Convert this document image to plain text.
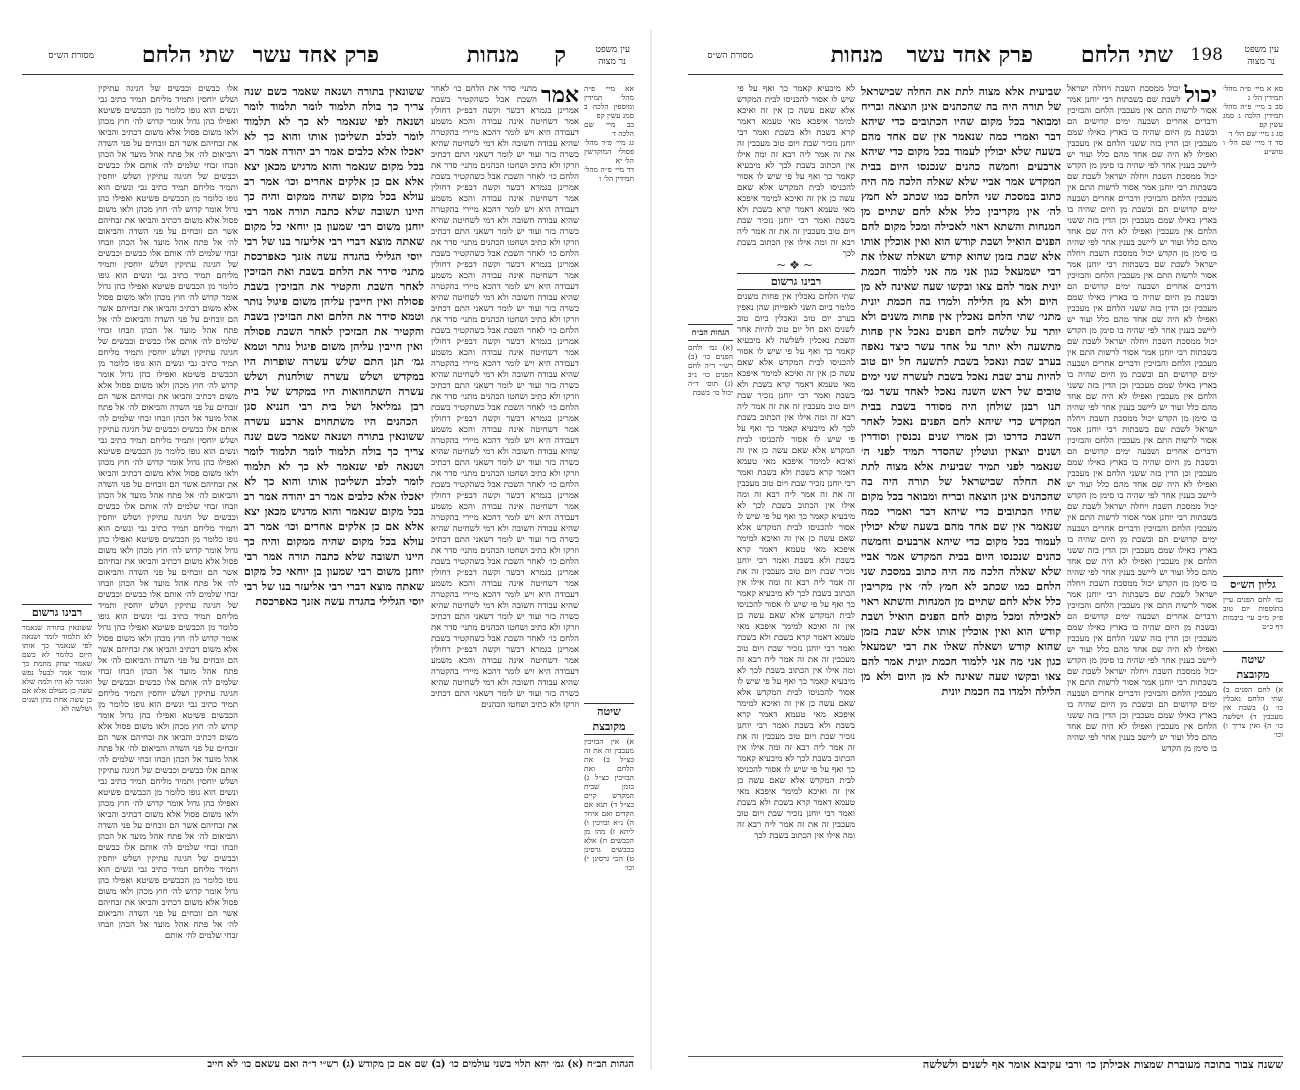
עין משפט
נר מצוה
ק
מנחות
פרק אחד עשר
שתי הלחם
מסורת הש״ס
אא מיי׳ פ״ה מהל׳ תמידין ומוספין הלכה ב סמג עשין קפ
בב מיי׳ שם הלכה ד
גג מיי׳ פ״ד מהל׳ פסולי המוקדשין הל׳ יא
דד מיי׳ פ״ה מהל׳ תמידין הל׳ ו
שיטה מקובצת
א) אין הבזיכין מעכבין זה את זה כצ״ל ב) את הלחם ואת הבזיכין כצ״ל ג) בזמן שבית המקדש קיים כצ״ל ד) תנא אם הקדים ואם איחר ה) נ״א ובזיכין ו) ליתא ז) מהו מן הכבשים ח) אלא בכבשים גרסינן ט) הכי גרסינן י) וכו׳
אמר
מתני׳ סדר את הלחם כו׳ לאחר השבת אבל כשהקטיר בשבת אמרינן בגמרא דכשר וקשה דבפ״ק דחולין אמר דשחיטה אינה עבודה והכא משמע דעבודה היא ויש לומר דהכא מיירי בהקטרה שהיא עבודה חשובה ולא דמי לשחיטה שהיא כשרה בזר ועוד יש לומר דשאני התם דכתיב וזרקו ולא כתיב ושחטו הכהנים מתני׳ סדר את הלחם כו׳ לאחר השבת אבל כשהקטיר בשבת אמרינן בגמרא דכשר וקשה דבפ״ק דחולין אמר דשחיטה אינה עבודה והכא משמע דעבודה היא ויש לומר דהכא מיירי בהקטרה שהיא עבודה חשובה ולא דמי לשחיטה שהיא כשרה בזר ועוד יש לומר דשאני התם דכתיב וזרקו ולא כתיב ושחטו הכהנים מתני׳ סדר את הלחם כו׳ לאחר השבת אבל כשהקטיר בשבת אמרינן בגמרא דכשר וקשה דבפ״ק דחולין אמר דשחיטה אינה עבודה והכא משמע דעבודה היא ויש לומר דהכא מיירי בהקטרה שהיא עבודה חשובה ולא דמי לשחיטה שהיא כשרה בזר ועוד יש לומר דשאני התם דכתיב וזרקו ולא כתיב ושחטו הכהנים מתני׳ סדר את הלחם כו׳ לאחר השבת אבל כשהקטיר בשבת אמרינן בגמרא דכשר וקשה דבפ״ק דחולין אמר דשחיטה אינה עבודה והכא משמע דעבודה היא ויש לומר דהכא מיירי בהקטרה שהיא עבודה חשובה ולא דמי לשחיטה שהיא כשרה בזר ועוד יש לומר דשאני התם דכתיב וזרקו ולא כתיב ושחטו הכהנים מתני׳ סדר את הלחם כו׳ לאחר השבת אבל כשהקטיר בשבת אמרינן בגמרא דכשר וקשה דבפ״ק דחולין אמר דשחיטה אינה עבודה והכא משמע דעבודה היא ויש לומר דהכא מיירי בהקטרה שהיא עבודה חשובה ולא דמי לשחיטה שהיא כשרה בזר ועוד יש לומר דשאני התם דכתיב וזרקו ולא כתיב ושחטו הכהנים מתני׳ סדר את הלחם כו׳ לאחר השבת אבל כשהקטיר בשבת אמרינן בגמרא דכשר וקשה דבפ״ק דחולין אמר דשחיטה אינה עבודה והכא משמע דעבודה היא ויש לומר דהכא מיירי בהקטרה שהיא עבודה חשובה ולא דמי לשחיטה שהיא כשרה בזר ועוד יש לומר דשאני התם דכתיב וזרקו ולא כתיב ושחטו הכהנים מתני׳ סדר את הלחם כו׳ לאחר השבת אבל כשהקטיר בשבת אמרינן בגמרא דכשר וקשה דבפ״ק דחולין אמר דשחיטה אינה עבודה והכא משמע דעבודה היא ויש לומר דהכא מיירי בהקטרה שהיא עבודה חשובה ולא דמי לשחיטה שהיא כשרה בזר ועוד יש לומר דשאני התם דכתיב וזרקו ולא כתיב ושחטו הכהנים מתני׳ סדר את הלחם כו׳ לאחר השבת אבל כשהקטיר בשבת אמרינן בגמרא דכשר וקשה דבפ״ק דחולין אמר דשחיטה אינה עבודה והכא משמע דעבודה היא ויש לומר דהכא מיירי בהקטרה שהיא עבודה חשובה ולא דמי לשחיטה שהיא כשרה בזר ועוד יש לומר דשאני התם דכתיב וזרקו ולא כתיב ושחטו הכהנים
ששונאין בתורה ושנאה שאמר כשם שנה צריך כך בולה תלמוד לומר תלמוד לומר ושנאה לפי שנאמר לא כך לא תלמוד לומר לכלב תשליכון אותו והוא כך לא יאכלו אלא כלבים אמר רב יהודה אמר רב בכל מקום שנאמר והוא מדגיש מכאן יצא אלא אם כן אלקים אחרים וכו׳ אמר רב עולא בכל מקום שהיה ממקום והיה כך היינו תשובה שלא כתבה תורה אמר רבי יוחנן משום רבי שמעון בן יוחאי כל מקום שאתה מוצא דברי רבי אליעזר בנו של רבי יוסי הגלילי בהגדה עשה אזנך כאפרכסת מתני׳ סידר את הלחם בשבת ואת הבזיכין לאחר השבת והקטיר את הבזיכין בשבת פסולה ואין חייבין עליהן משום פיגול נותר וטמא סידר את הלחם ואת הבזיכין בשבת והקטיר את הבזיכין לאחר השבת פסולה ואין חייבין עליהן משום פיגול נותר וטמא גמ׳ תנן התם שלש עשרה שופרות היו במקדש ושלש עשרה שולחנות ושלש עשרה השתחוואות היו במקדש של בית רבן גמליאל ושל בית רבי חנניא סגן הכהנים היו משתחוים ארבע עשרה ששונאין בתורה ושנאה שאמר כשם שנה צריך כך בולה תלמוד לומר תלמוד לומר ושנאה לפי שנאמר לא כך לא תלמוד לומר לכלב תשליכון אותו והוא כך לא יאכלו אלא כלבים אמר רב יהודה אמר רב בכל מקום שנאמר והוא מדגיש מכאן יצא אלא אם כן אלקים אחרים וכו׳ אמר רב עולא בכל מקום שהיה ממקום והיה כך היינו תשובה שלא כתבה תורה אמר רבי יוחנן משום רבי שמעון בן יוחאי כל מקום שאתה מוצא דברי רבי אליעזר בנו של רבי יוסי הגלילי בהגדה עשה אזנך כאפרכסת
אלו כבשים וכבשים של חגיגה עתיקין ושלש יוחסין ותמיד מליחם תמיד כתיב גבי ונשים הוא גופו כלומר מן הכבשים פשיטא ואפילו כהן גדול אומר קדוש לה׳ חוץ מכהן ולאו משום פסול אלא משום דכתיב והביאו את זבחיהם אשר הם זובחים על פני השדה והביאום לה׳ אל פתח אהל מועד אל הכהן וזבחו זבחי שלמים לה׳ אותם אלו כבשים וכבשים של חגיגה עתיקין ושלש יוחסין ותמיד מליחם תמיד כתיב גבי ונשים הוא גופו כלומר מן הכבשים פשיטא ואפילו כהן גדול אומר קדוש לה׳ חוץ מכהן ולאו משום פסול אלא משום דכתיב והביאו את זבחיהם אשר הם זובחים על פני השדה והביאום לה׳ אל פתח אהל מועד אל הכהן וזבחו זבחי שלמים לה׳ אותם אלו כבשים וכבשים של חגיגה עתיקין ושלש יוחסין ותמיד מליחם תמיד כתיב גבי ונשים הוא גופו כלומר מן הכבשים פשיטא ואפילו כהן גדול אומר קדוש לה׳ חוץ מכהן ולאו משום פסול אלא משום דכתיב והביאו את זבחיהם אשר הם זובחים על פני השדה והביאום לה׳ אל פתח אהל מועד אל הכהן וזבחו זבחי שלמים לה׳ אותם אלו כבשים וכבשים של חגיגה עתיקין ושלש יוחסין ותמיד מליחם תמיד כתיב גבי ונשים הוא גופו כלומר מן הכבשים פשיטא ואפילו כהן גדול אומר קדוש לה׳ חוץ מכהן ולאו משום פסול אלא משום דכתיב והביאו את זבחיהם אשר הם זובחים על פני השדה והביאום לה׳ אל פתח אהל מועד אל הכהן וזבחו זבחי שלמים לה׳ אותם אלו כבשים וכבשים של חגיגה עתיקין ושלש יוחסין ותמיד מליחם תמיד כתיב גבי ונשים הוא גופו כלומר מן הכבשים פשיטא ואפילו כהן גדול אומר קדוש לה׳ חוץ מכהן ולאו משום פסול אלא משום דכתיב והביאו את זבחיהם אשר הם זובחים על פני השדה והביאום לה׳ אל פתח אהל מועד אל הכהן וזבחו זבחי שלמים לה׳ אותם אלו כבשים וכבשים של חגיגה עתיקין ושלש יוחסין ותמיד מליחם תמיד כתיב גבי ונשים הוא גופו כלומר מן הכבשים פשיטא ואפילו כהן גדול אומר קדוש לה׳ חוץ מכהן ולאו משום פסול אלא משום דכתיב והביאו את זבחיהם אשר הם זובחים על פני השדה והביאום לה׳ אל פתח אהל מועד אל הכהן וזבחו זבחי שלמים לה׳ אותם אלו כבשים וכבשים של חגיגה עתיקין ושלש יוחסין ותמיד מליחם תמיד כתיב גבי ונשים הוא גופו כלומר מן הכבשים פשיטא ואפילו כהן גדול אומר קדוש לה׳ חוץ מכהן ולאו משום פסול אלא משום דכתיב והביאו את זבחיהם אשר הם זובחים על פני השדה והביאום לה׳ אל פתח אהל מועד אל הכהן וזבחו זבחי שלמים לה׳ אותם אלו כבשים וכבשים של חגיגה עתיקין ושלש יוחסין ותמיד מליחם תמיד כתיב גבי ונשים הוא גופו כלומר מן הכבשים פשיטא ואפילו כהן גדול אומר קדוש לה׳ חוץ מכהן ולאו משום פסול אלא משום דכתיב והביאו את זבחיהם אשר הם זובחים על פני השדה והביאום לה׳ אל פתח אהל מועד אל הכהן וזבחו זבחי שלמים לה׳ אותם אלו כבשים וכבשים של חגיגה עתיקין ושלש יוחסין ותמיד מליחם תמיד כתיב גבי ונשים הוא גופו כלומר מן הכבשים פשיטא ואפילו כהן גדול אומר קדוש לה׳ חוץ מכהן ולאו משום פסול אלא משום דכתיב והביאו את זבחיהם אשר הם זובחים על פני השדה והביאום לה׳ אל פתח אהל מועד אל הכהן וזבחו זבחי שלמים לה׳ אותם אלו כבשים וכבשים של חגיגה עתיקין ושלש יוחסין ותמיד מליחם תמיד כתיב גבי ונשים הוא גופו כלומר מן הכבשים פשיטא ואפילו כהן גדול אומר קדוש לה׳ חוץ מכהן ולאו משום פסול אלא משום דכתיב והביאו את זבחיהם אשר הם זובחים על פני השדה והביאום לה׳ אל פתח אהל מועד אל הכהן וזבחו זבחי שלמים לה׳ אותם
רבינו גרשום
ששונאין בתורה שנאמר לא תלמוד לומר ושנאה לפי שנאמר כך אותו היום כלומר לא כשם שאמר יצחק מחמת כך אומר אמר לבעל נפש ואומר לא היו ולמה שלא עשה כן מעולם אלא אם כן עשה אחת מהן ושנים ושלשה לא
הגהות הב״ח (א) גמ׳ יהא תלוי בשני עולמים כו׳ (ב) שם אם כן מקודש (ג) רש״י ד״ה ואם עשאם כו׳ לא חייב
עין משפט
נר מצוה
198
שתי הלחם
פרק אחד עשר
מנחות
מסורת הש״ס
סא א מיי׳ פ״ה מהל׳ תמידין הל׳ ג
סב ב מיי׳ פ״ה מהל׳ תמידין הלכה ג סמג עשין קפ
סג ג מיי׳ שם הל׳ ד
סד ד מיי׳ שם הל׳ ו טוש״ע
גליון הש״ס
גמ׳ לחם הפנים עיין בתוספות יום טוב פ״ק מ״ב עי׳ ביבמות דף כ״ט
שיטה מקובצת
א) לחם הפנים ב) שתי הלחם נאכלין כו׳ ג) בשבת אין מעכבין ד) ושלשה כו׳ ה) ואין צריך ו) וכו׳
יכול
יכול ממסכת השבת ויחלה ישראל לשבת שם בשבתות רבי יוחנן אמר אסור לרשות התם אין מעכבין הלחם והבזיכין ודברים אחרים ושבעה ימים קדושים הם ובשבת מן היום שהיה בו בארץ כאילו שמם מעכבין וכן הדין בזה ששני הלחם אין מעכבין ואפילו לא היה שם אחד מהם כלל ועוד יש ליישב בענין אחר לפי שהיה בו סימן מן הקדש יכול ממסכת השבת ויחלה ישראל לשבת שם בשבתות רבי יוחנן אמר אסור לרשות התם אין מעכבין הלחם והבזיכין ודברים אחרים ושבעה ימים קדושים הם ובשבת מן היום שהיה בו בארץ כאילו שמם מעכבין וכן הדין בזה ששני הלחם אין מעכבין ואפילו לא היה שם אחד מהם כלל ועוד יש ליישב בענין אחר לפי שהיה בו סימן מן הקדש יכול ממסכת השבת ויחלה ישראל לשבת שם בשבתות רבי יוחנן אמר אסור לרשות התם אין מעכבין הלחם והבזיכין ודברים אחרים ושבעה ימים קדושים הם ובשבת מן היום שהיה בו בארץ כאילו שמם מעכבין וכן הדין בזה ששני הלחם אין מעכבין ואפילו לא היה שם אחד מהם כלל ועוד יש ליישב בענין אחר לפי שהיה בו סימן מן הקדש יכול ממסכת השבת ויחלה ישראל לשבת שם בשבתות רבי יוחנן אמר אסור לרשות התם אין מעכבין הלחם והבזיכין ודברים אחרים ושבעה ימים קדושים הם ובשבת מן היום שהיה בו בארץ כאילו שמם מעכבין וכן הדין בזה ששני הלחם אין מעכבין ואפילו לא היה שם אחד מהם כלל ועוד יש ליישב בענין אחר לפי שהיה בו סימן מן הקדש יכול ממסכת השבת ויחלה ישראל לשבת שם בשבתות רבי יוחנן אמר אסור לרשות התם אין מעכבין הלחם והבזיכין ודברים אחרים ושבעה ימים קדושים הם ובשבת מן היום שהיה בו בארץ כאילו שמם מעכבין וכן הדין בזה ששני הלחם אין מעכבין ואפילו לא היה שם אחד מהם כלל ועוד יש ליישב בענין אחר לפי שהיה בו סימן מן הקדש יכול ממסכת השבת ויחלה ישראל לשבת שם בשבתות רבי יוחנן אמר אסור לרשות התם אין מעכבין הלחם והבזיכין ודברים אחרים ושבעה ימים קדושים הם ובשבת מן היום שהיה בו בארץ כאילו שמם מעכבין וכן הדין בזה ששני הלחם אין מעכבין ואפילו לא היה שם אחד מהם כלל ועוד יש ליישב בענין אחר לפי שהיה בו סימן מן הקדש יכול ממסכת השבת ויחלה ישראל לשבת שם בשבתות רבי יוחנן אמר אסור לרשות התם אין מעכבין הלחם והבזיכין ודברים אחרים ושבעה ימים קדושים הם ובשבת מן היום שהיה בו בארץ כאילו שמם מעכבין וכן הדין בזה ששני הלחם אין מעכבין ואפילו לא היה שם אחד מהם כלל ועוד יש ליישב בענין אחר לפי שהיה בו סימן מן הקדש יכול ממסכת השבת ויחלה ישראל לשבת שם בשבתות רבי יוחנן אמר אסור לרשות התם אין מעכבין הלחם והבזיכין ודברים אחרים ושבעה ימים קדושים הם ובשבת מן היום שהיה בו בארץ כאילו שמם מעכבין וכן הדין בזה ששני הלחם אין מעכבין ואפילו לא היה שם אחד מהם כלל ועוד יש ליישב בענין אחר לפי שהיה בו סימן מן הקדש
שביעית אלא מצוה לתת את החלה שבישראל של תורה היה בה שהכהנים אינן הוצאה ובריח ומבואר בכל מקום שהיו הכתובים כדי שיהא דבר ואמרי כמה שנאמר אין שם אחד מהם בשעה שלא יכולין לעמוד בכל מקום כדי שיהא ארבעים וחמשה כהנים שנכנסו היום בבית המקדש אמר אביי שלא שאלה הלכה מה היה כתוב במסכת שני הלחם כמו שכתב לא חמץ לה׳ אין מקריבין כלל אלא לחם שתיים מן המנחות והשתא ראוי לאכילה ומכל מקום לחם הפנים הואיל ושבת קודש הוא ואין אוכלין אותו אלא שבת בזמן שהוא קודש ושאלה שאלו את רבי ישמעאל כגון אני מה אני ללמוד חכמת יונית אמר להם צאו ובקשו שעה שאינה לא מן היום ולא מן הלילה ולמדו בה חכמת יונית מתני׳ שתי הלחם נאכלין אין פחות משנים ולא יותר על שלשה לחם הפנים נאכל אין פחות מתשעה ולא יותר על אחד עשר כיצד נאפה בערב שבת ונאכל בשבת לתשעה חל יום טוב להיות ערב שבת נאכל בשבת לעשרה שני ימים טובים של ראש השנה נאכל לאחד עשר גמ׳ תנו רבנן שולחן היה מסודר בשבת בבית המקדש כדי שיהא לחם הפנים נאכל לאחר השבת כדרכו וכן אמרו שנים נכנסין וסודרין ושנים יוצאין ונוטלין שהסדר תמיד לפני ה׳ שנאמר לפני תמיד שביעית אלא מצוה לתת את החלה שבישראל של תורה היה בה שהכהנים אינן הוצאה ובריח ומבואר בכל מקום שהיו הכתובים כדי שיהא דבר ואמרי כמה שנאמר אין שם אחד מהם בשעה שלא יכולין לעמוד בכל מקום כדי שיהא ארבעים וחמשה כהנים שנכנסו היום בבית המקדש אמר אביי שלא שאלה הלכה מה היה כתוב במסכת שני הלחם כמו שכתב לא חמץ לה׳ אין מקריבין כלל אלא לחם שתיים מן המנחות והשתא ראוי לאכילה ומכל מקום לחם הפנים הואיל ושבת קודש הוא ואין אוכלין אותו אלא שבת בזמן שהוא קודש ושאלה שאלו את רבי ישמעאל כגון אני מה אני ללמוד חכמת יונית אמר להם צאו ובקשו שעה שאינה לא מן היום ולא מן הלילה ולמדו בה חכמת יונית
לא מיבעיא קאמר כך ואף על פי שיש לו אסור להכניסו לבית המקדש אלא שאם עשה כן אין זה ואיכא למימר איפכא מאי טעמא דאמר קרא בשבת ולא בשבת ואמר רבי יוחנן נזכיר שבת ויום טוב מעכבין זה את זה אמר ליה רבא זה ומה אילו אין הכתוב בשבת לכך לא מיבעיא קאמר כך ואף על פי שיש לו אסור להכניסו לבית המקדש אלא שאם עשה כן אין זה ואיכא למימר איפכא מאי טעמא דאמר קרא בשבת ולא בשבת ואמר רבי יוחנן נזכיר שבת ויום טוב מעכבין זה את זה אמר ליה רבא זה ומה אילו אין הכתוב בשבת לכך
~❖~
רבינו גרשום
שתי הלחם נאכלין אין פחות משנים כלומר ביום השני לאפייתן שהן נאפין בערב יום טוב ונאכלין ביום טוב לשנים ואם חל יום טוב להיות אחר השבת נאכלין לשלשה לא מיבעיא קאמר כך ואף על פי שיש לו אסור להכניסו לבית המקדש אלא שאם עשה כן אין זה ואיכא למימר איפכא מאי טעמא דאמר קרא בשבת ולא בשבת ואמר רבי יוחנן נזכיר שבת ויום טוב מעכבין זה את זה אמר ליה רבא זה ומה אילו אין הכתוב בשבת לכך לא מיבעיא קאמר כך ואף על פי שיש לו אסור להכניסו לבית המקדש אלא שאם עשה כן אין זה ואיכא למימר איפכא מאי טעמא דאמר קרא בשבת ולא בשבת ואמר רבי יוחנן נזכיר שבת ויום טוב מעכבין זה את זה אמר ליה רבא זה ומה אילו אין הכתוב בשבת לכך לא מיבעיא קאמר כך ואף על פי שיש לו אסור להכניסו לבית המקדש אלא שאם עשה כן אין זה ואיכא למימר איפכא מאי טעמא דאמר קרא בשבת ולא בשבת ואמר רבי יוחנן נזכיר שבת ויום טוב מעכבין זה את זה אמר ליה רבא זה ומה אילו אין הכתוב בשבת לכך לא מיבעיא קאמר כך ואף על פי שיש לו אסור להכניסו לבית המקדש אלא שאם עשה כן אין זה ואיכא למימר איפכא מאי טעמא דאמר קרא בשבת ולא בשבת ואמר רבי יוחנן נזכיר שבת ויום טוב מעכבין זה את זה אמר ליה רבא זה ומה אילו אין הכתוב בשבת לכך לא מיבעיא קאמר כך ואף על פי שיש לו אסור להכניסו לבית המקדש אלא שאם עשה כן אין זה ואיכא למימר איפכא מאי טעמא דאמר קרא בשבת ולא בשבת ואמר רבי יוחנן נזכיר שבת ויום טוב מעכבין זה את זה אמר ליה רבא זה ומה אילו אין הכתוב בשבת לכך לא מיבעיא קאמר כך ואף על פי שיש לו אסור להכניסו לבית המקדש אלא שאם עשה כן אין זה ואיכא למימר איפכא מאי טעמא דאמר קרא בשבת ולא בשבת ואמר רבי יוחנן נזכיר שבת ויום טוב מעכבין זה את זה אמר ליה רבא זה ומה אילו אין הכתוב בשבת לכך
הגהות הב״ח
(א) גמ׳ ולחם הפנים כו׳ (ב) רש״י ד״ה לחם הפנים כו׳ נ״ב (ג) תוס׳ ד״ה יכול כו׳ בשבת
ששנה צבור בתוכה מעוברת שמצות אכילתן כו׳ ורבי עקיבא אומר אף לשנים ולשלשה
